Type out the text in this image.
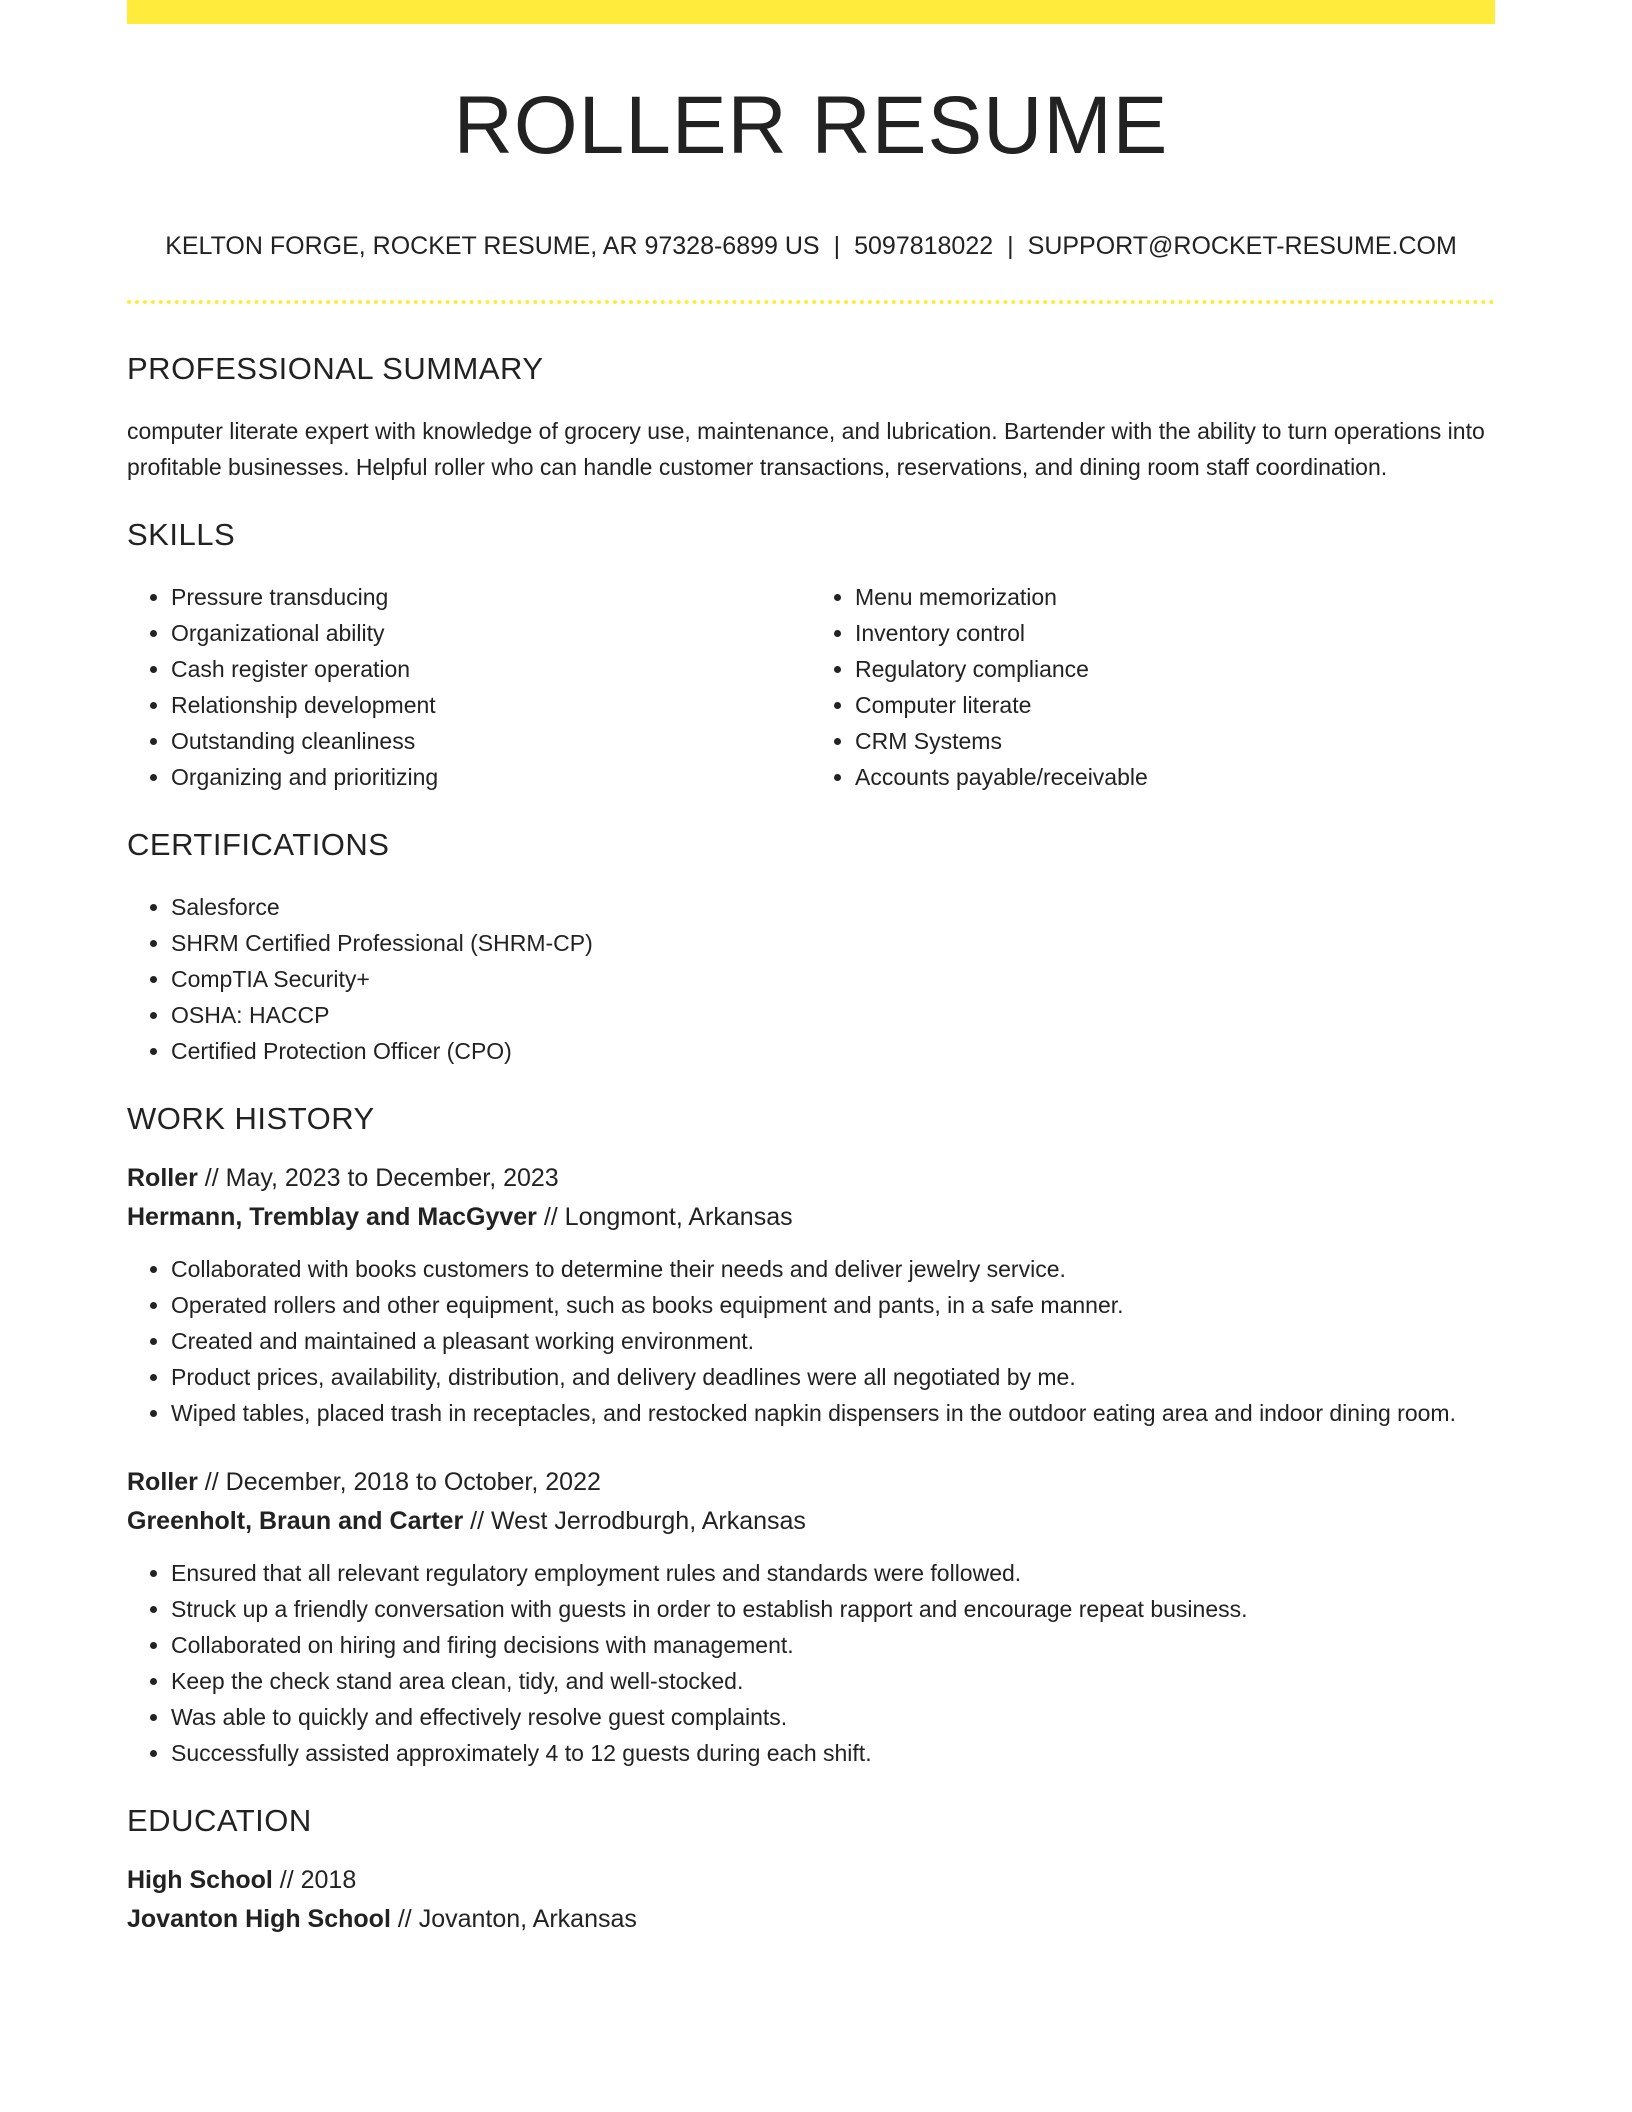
ROLLER RESUME
KELTON FORGE, ROCKET RESUME, AR 97328-6899 US | 5097818022 | SUPPORT@ROCKET-RESUME.COM
PROFESSIONAL SUMMARY

computer literate expert with knowledge of grocery use, maintenance, and lubrication. Bartender with the ability to turn operations into profitable businesses. Helpful roller who can handle customer transactions, reservations, and dining room staff coordination.

SKILLS
• Pressure transducing
• Organizational ability
• Cash register operation
• Relationship development
• Outstanding cleanliness
• Organizing and prioritizing
• Menu memorization
• Inventory control
• Regulatory compliance
• Computer literate
• CRM Systems
• Accounts payable/receivable
CERTIFICATIONS
• Salesforce
• SHRM Certified Professional (SHRM-CP)
• CompTIA Security+
• OSHA: HACCP
• Certified Protection Officer (CPO)
WORK HISTORY
Roller // May, 2023 to December, 2023
Hermann, Tremblay and MacGyver // Longmont, Arkansas
• Collaborated with books customers to determine their needs and deliver jewelry service.
• Operated rollers and other equipment, such as books equipment and pants, in a safe manner.
• Created and maintained a pleasant working environment.
• Product prices, availability, distribution, and delivery deadlines were all negotiated by me.
• Wiped tables, placed trash in receptacles, and restocked napkin dispensers in the outdoor eating area and indoor dining room.
Roller // December, 2018 to October, 2022
Greenholt, Braun and Carter // West Jerrodburgh, Arkansas
• Ensured that all relevant regulatory employment rules and standards were followed.
• Struck up a friendly conversation with guests in order to establish rapport and encourage repeat business.
• Collaborated on hiring and firing decisions with management.
• Keep the check stand area clean, tidy, and well-stocked.
• Was able to quickly and effectively resolve guest complaints.
• Successfully assisted approximately 4 to 12 guests during each shift.
EDUCATION
High School // 2018
Jovanton High School // Jovanton, Arkansas
